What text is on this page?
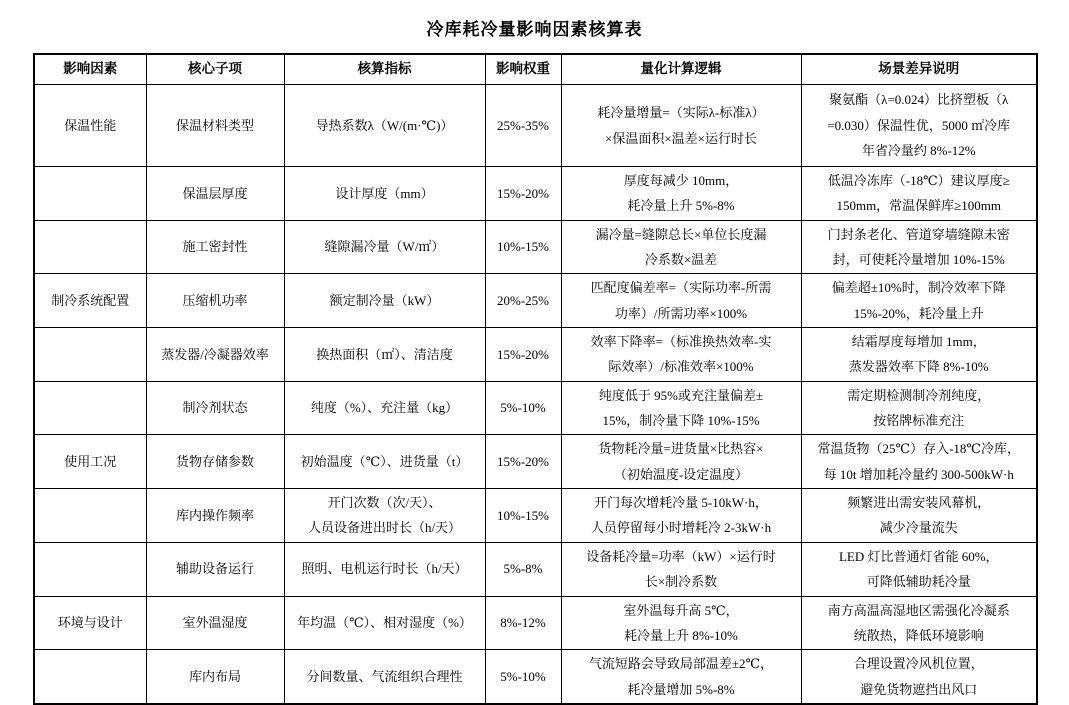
冷库耗冷量影响因素核算表
影响因素	核心子项	核算指标	影响权重	量化计算逻辑	场景差异说明
保温性能	保温材料类型	导热系数λ（W/(m·℃)）	25%-35%	耗冷量增量=（实际λ-标准λ）
×保温面积×温差×运行时长	聚氨酯（λ=0.024）比挤塑板（λ
=0.030）保温性优，5000 ㎡冷库
年省冷量约 8%-12%
	保温层厚度	设计厚度（mm）	15%-20%	厚度每减少 10mm，
耗冷量上升 5%-8%	低温冷冻库（-18℃）建议厚度≥
150mm，常温保鲜库≥100mm
	施工密封性	缝隙漏冷量（W/㎡）	10%-15%	漏冷量=缝隙总长×单位长度漏
冷系数×温差	门封条老化、管道穿墙缝隙未密
封，可使耗冷量增加 10%-15%
制冷系统配置	压缩机功率	额定制冷量（kW）	20%-25%	匹配度偏差率=（实际功率-所需
功率）/所需功率×100%	偏差超±10%时，制冷效率下降
15%-20%，耗冷量上升
	蒸发器/冷凝器效率	换热面积（㎡）、清洁度	15%-20%	效率下降率=（标准换热效率-实
际效率）/标准效率×100%	结霜厚度每增加 1mm，
蒸发器效率下降 8%-10%
	制冷剂状态	纯度（%）、充注量（kg）	5%-10%	纯度低于 95%或充注量偏差±
15%，制冷量下降 10%-15%	需定期检测制冷剂纯度，
按铭牌标准充注
使用工况	货物存储参数	初始温度（℃）、进货量（t）	15%-20%	货物耗冷量=进货量×比热容×
（初始温度-设定温度）	常温货物（25℃）存入-18℃冷库，
每 10t 增加耗冷量约 300-500kW·h
	库内操作频率	开门次数（次/天）、
人员设备进出时长（h/天）	10%-15%	开门每次增耗冷量 5-10kW·h，
人员停留每小时增耗冷 2-3kW·h	频繁进出需安装风幕机，
减少冷量流失
	辅助设备运行	照明、电机运行时长（h/天）	5%-8%	设备耗冷量=功率（kW）×运行时
长×制冷系数	LED 灯比普通灯省能 60%，
可降低辅助耗冷量
环境与设计	室外温湿度	年均温（℃）、相对湿度（%）	8%-12%	室外温每升高 5℃，
耗冷量上升 8%-10%	南方高温高湿地区需强化冷凝系
统散热，降低环境影响
	库内布局	分间数量、气流组织合理性	5%-10%	气流短路会导致局部温差±2℃，
耗冷量增加 5%-8%	合理设置冷风机位置，
避免货物遮挡出风口
